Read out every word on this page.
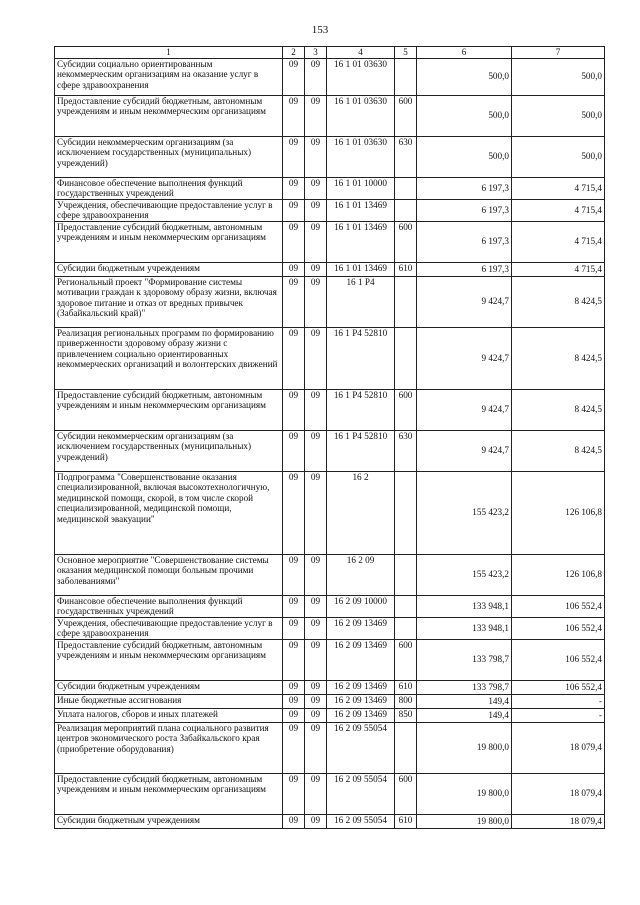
153
1	2	3	4	5	6	7
Субсидии социально ориентированным некоммерческим организациям на оказание услуг в сфере здравоохранения	09	09	16 1 01 03630		500,0	500,0
Предоставление субсидий бюджетным, автономным учреждениям и иным некоммерческим организациям	09	09	16 1 01 03630	600	500,0	500,0
Субсидии некоммерческим организациям (за исключением государственных (муниципальных) учреждений)	09	09	16 1 01 03630	630	500,0	500,0
Финансовое обеспечение выполнения функций государственных учреждений	09	09	16 1 01 10000		6 197,3	4 715,4
Учреждения, обеспечивающие предоставление услуг в сфере здравоохранения	09	09	16 1 01 13469		6 197,3	4 715,4
Предоставление субсидий бюджетным, автономным учреждениям и иным некоммерческим организациям	09	09	16 1 01 13469	600	6 197,3	4 715,4
Субсидии бюджетным учреждениям	09	09	16 1 01 13469	610	6 197,3	4 715,4
Региональный проект "Формирование системы мотивации граждан к здоровому образу жизни, включая здоровое питание и отказ от вредных привычек (Забайкальский край)"	09	09	16 1 P4		9 424,7	8 424,5
Реализация региональных программ по формированию приверженности здоровому образу жизни с привлечением социально ориентированных некоммерческих организаций и волонтерских движений	09	09	16 1 P4 52810		9 424,7	8 424,5
Предоставление субсидий бюджетным, автономным учреждениям и иным некоммерческим организациям	09	09	16 1 P4 52810	600	9 424,7	8 424,5
Субсидии некоммерческим организациям (за исключением государственных (муниципальных) учреждений)	09	09	16 1 P4 52810	630	9 424,7	8 424,5
Подпрограмма "Совершенствование оказания специализированной, включая высокотехнологичную, медицинской помощи, скорой, в том числе скорой специализированной, медицинской помощи, медицинской эвакуации"	09	09	16 2		155 423,2	126 106,8
Основное мероприятие "Совершенствование системы оказания медицинской помощи больным прочими заболеваниями"	09	09	16 2 09		155 423,2	126 106,8
Финансовое обеспечение выполнения функций государственных учреждений	09	09	16 2 09 10000		133 948,1	106 552,4
Учреждения, обеспечивающие предоставление услуг в сфере здравоохранения	09	09	16 2 09 13469		133 948,1	106 552,4
Предоставление субсидий бюджетным, автономным учреждениям и иным некоммерческим организациям	09	09	16 2 09 13469	600	133 798,7	106 552,4
Субсидии бюджетным учреждениям	09	09	16 2 09 13469	610	133 798,7	106 552,4
Иные бюджетные ассигнования	09	09	16 2 09 13469	800	149,4	-
Уплата налогов, сборов и иных платежей	09	09	16 2 09 13469	850	149,4	-
Реализация мероприятий плана социального развития центров экономического роста Забайкальского края (приобретение оборудования)	09	09	16 2 09 55054		19 800,0	18 079,4
Предоставление субсидий бюджетным, автономным учреждениям и иным некоммерческим организациям	09	09	16 2 09 55054	600	19 800,0	18 079,4
Субсидии бюджетным учреждениям	09	09	16 2 09 55054	610	19 800,0	18 079,4
